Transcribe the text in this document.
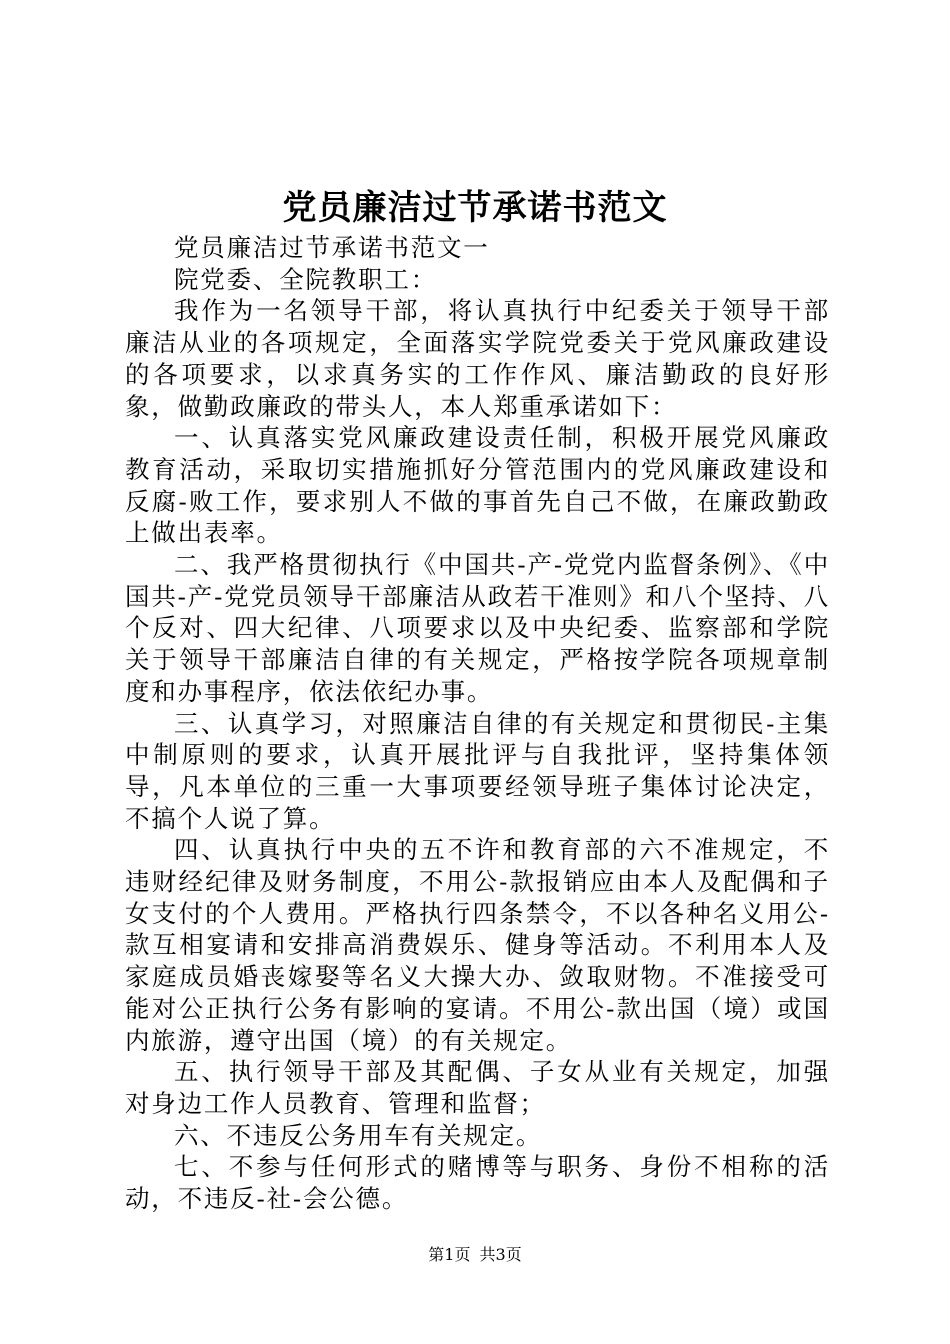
党员廉洁过节承诺书范文

党员廉洁过节承诺书范文一

院党委、全院教职工：

我作为一名领导干部，将认真执行中纪委关于领导干部廉洁从业的各项规定，全面落实学院党委关于党风廉政建设的各项要求，以求真务实的工作作风、廉洁勤政的良好形象，做勤政廉政的带头人，本人郑重承诺如下：

一、认真落实党风廉政建设责任制，积极开展党风廉政教育活动，采取切实措施抓好分管范围内的党风廉政建设和反腐-败工作，要求别人不做的事首先自己不做，在廉政勤政上做出表率。

二、我严格贯彻执行《中国共-产-党党内监督条例》、《中国共-产-党党员领导干部廉洁从政若干准则》和八个坚持、八个反对、四大纪律、八项要求以及中央纪委、监察部和学院关于领导干部廉洁自律的有关规定，严格按学院各项规章制度和办事程序，依法依纪办事。

三、认真学习，对照廉洁自律的有关规定和贯彻民-主集中制原则的要求，认真开展批评与自我批评，坚持集体领导，凡本单位的三重一大事项要经领导班子集体讨论决定，不搞个人说了算。

四、认真执行中央的五不许和教育部的六不准规定，不违财经纪律及财务制度，不用公-款报销应由本人及配偶和子女支付的个人费用。严格执行四条禁令，不以各种名义用公-款互相宴请和安排高消费娱乐、健身等活动。不利用本人及家庭成员婚丧嫁娶等名义大操大办、敛取财物。不准接受可能对公正执行公务有影响的宴请。不用公-款出国（境）或国内旅游，遵守出国（境）的有关规定。

五、执行领导干部及其配偶、子女从业有关规定，加强对身边工作人员教育、管理和监督；

六、不违反公务用车有关规定。

七、不参与任何形式的赌博等与职务、身份不相称的活动，不违反-社-会公德。

第1页 共3页
